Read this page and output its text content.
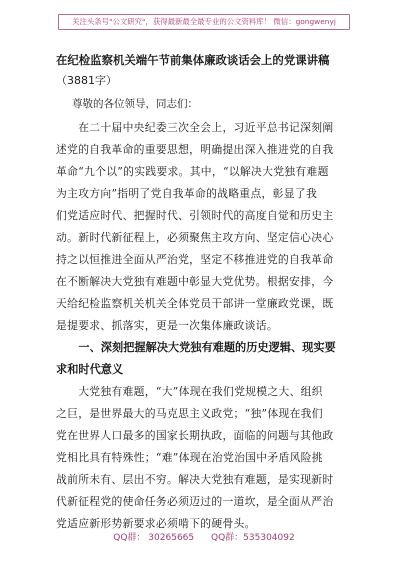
关注头条号"公文研究"，获得最新最全最专业的公文资料库！ 微信：gongwenyj
在纪检监察机关端午节前集体廉政谈话会上的党课讲稿
（3881字）
尊敬的各位领导，同志们：
　　在二十届中央纪委三次全会上，习近平总书记深刻阐
述党的自我革命的重要思想，明确提出深入推进党的自我
革命“九个以”的实践要求。其中，“以解决大党独有难题
为主攻方向”指明了党自我革命的战略重点，彰显了我
们党适应时代、把握时代、引领时代的高度自觉和历史主
动。新时代新征程上，必须聚焦主攻方向、坚定信心决心
持之以恒推进全面从严治党，坚定不移推进党的自我革命
在不断解决大党独有难题中彰显大党优势。根据安排，今
天给纪检监察机关机关全体党员干部讲一堂廉政党课，既
是提要求、抓落实，更是一次集体廉政谈话。
　　一、深刻把握解决大党独有难题的历史逻辑、现实要
求和时代意义
　　大党独有难题，“大”体现在我们党规模之大、组织
之巨，是世界最大的马克思主义政党；“独”体现在我们
党在世界人口最多的国家长期执政，面临的问题与其他政
党相比具有特殊性；“难”体现在治党治国中矛盾风险挑
战前所未有、层出不穷。解决大党独有难题，是实现新时
代新征程党的使命任务必须迈过的一道坎，是全面从严治
党适应新形势新要求必须啃下的硬骨头。
QQ群： 30265665 QQ群：535304092
